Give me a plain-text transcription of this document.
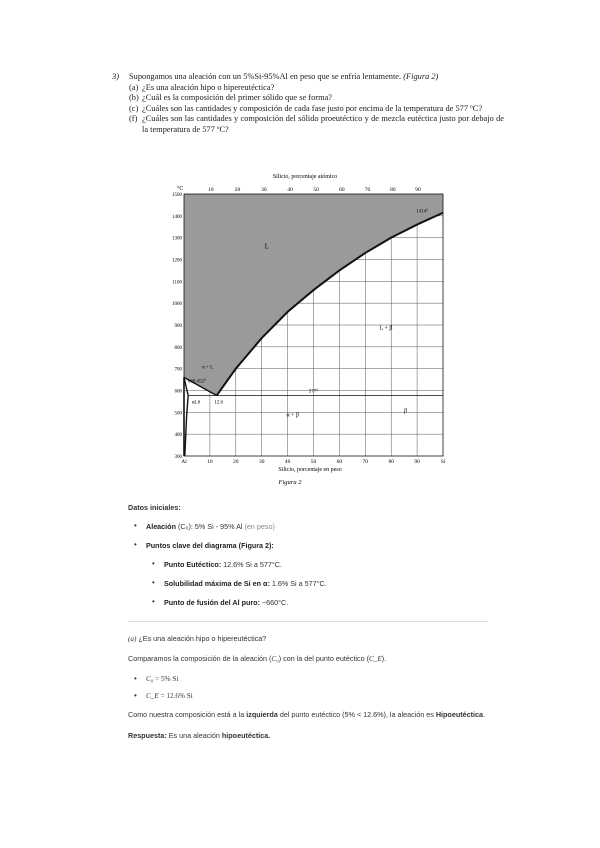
3)	Supongamos una aleación con un 5%Si-95%Al en peso que se enfría lentamente. (Figura 2)
(a) ¿Es una aleación hipo o hipereutéctica?
(b) ¿Cuál es la composición del primer sólido que se forma?
(c) ¿Cuáles son las cantidades y composición de cada fase justo por encima de la temperatura de 577 ºC?
(f) ¿Cuáles son las cantidades y composición del sólido proeutéctico y de mezcla eutéctica justo por debajo de la temperatura de 577 ºC?
Silicio, porcentaje atómico
°C
1500
1400
1300
1200
1100
1000
900
800
700
600
500
400
300
10	20	30	40	50	60	70	80	90
Al	10	20	30	40	50	60	70	80	90	Si
L
L + β
α + L
α + β
β
α
1414°
660.452°
577°
1.6	12.6
Silicio, porcentaje en peso
Figura 2
Datos iniciales:
• Aleación (C₀): 5% Si - 95% Al (en peso)
• Puntos clave del diagrama (Figura 2):
• Punto Eutéctico: 12.6% Si a 577°C.
• Solubilidad máxima de Si en α: 1.6% Si a 577°C.
• Punto de fusión del Al puro: ~660°C.
(a) ¿Es una aleación hipo o hipereutéctica?

Comparamos la composición de la aleación (C₀) con la del punto eutéctico (C_E).

• C₀ = 5% Si
• C_E = 12.6% Si

Como nuestra composición está a la izquierda del punto eutéctico (5% < 12.6%), la aleación es Hipoeutéctica.

Respuesta: Es una aleación hipoeutéctica.
